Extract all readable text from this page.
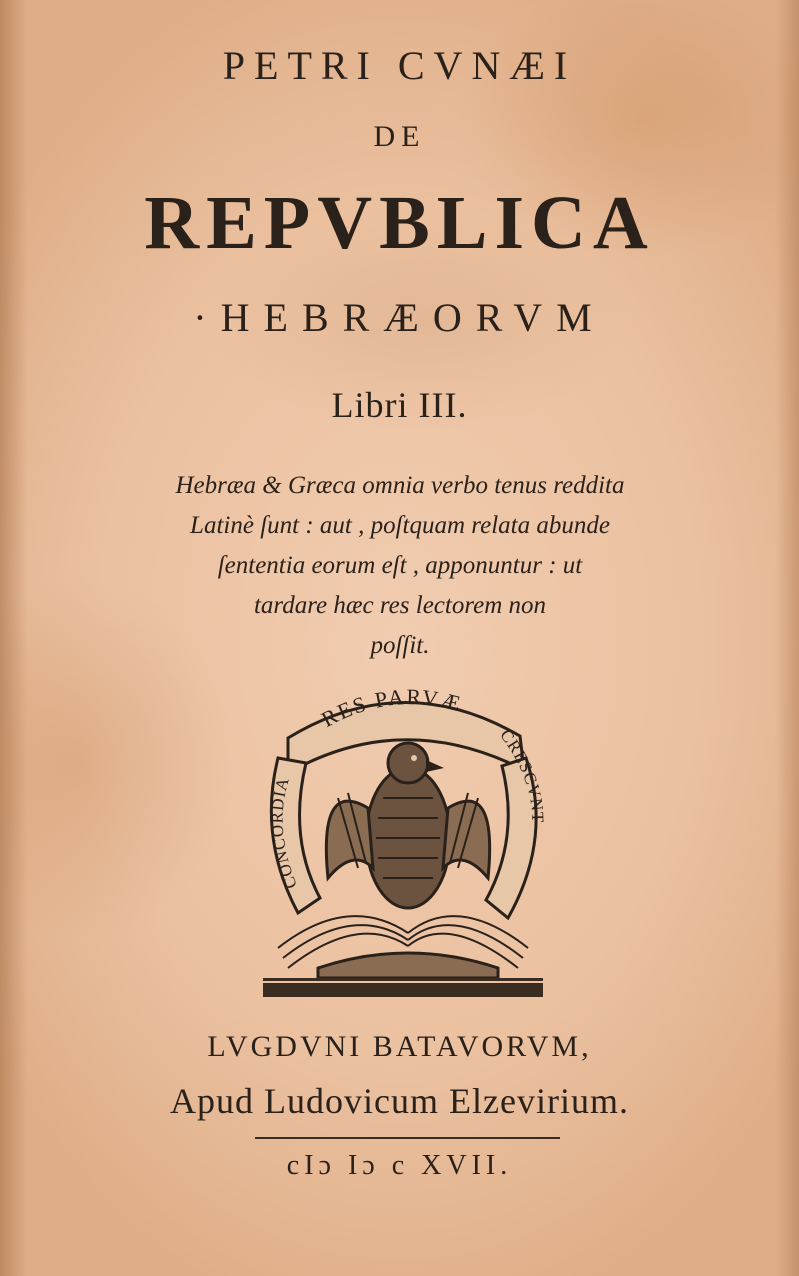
PETRI CVNÆI
DE
REPVBLICA
·HEBRÆORVM
Libri III.
Hebræa & Græca omnia verbo tenus reddita
Latinè ſunt : aut , poſtquam relata abunde
ſententia eorum eſt , apponuntur : ut
tardare hæc res lectorem non
poſſit.
RES PARVÆ
CONCORDIA
CRESCVNT
LVGDVNI BATAVORVM,
Apud Ludovicum Elzevirium.
cIɔ Iɔ c XVII.
